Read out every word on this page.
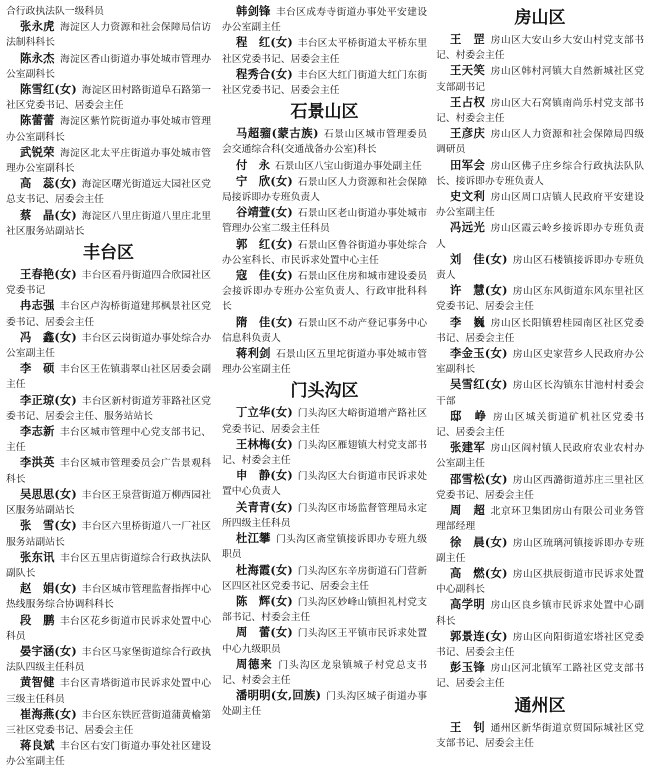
合行政执法队一级科员

张永虎  海淀区人力资源和社会保障局信访法制科科长

陈永杰  海淀区香山街道办事处城市管理办公室副科长

陈雪红(女)  海淀区田村路街道阜石路第一社区党委书记、居委会主任

陈蕾蕾  海淀区紫竹院街道办事处城市管理办公室副科长

武锐荣  海淀区北太平庄街道办事处城市管理办公室副科长

高　蕊(女)  海淀区曙光街道远大园社区党总支书记、居委会主任

蔡　晶(女)  海淀区八里庄街道八里庄北里社区服务站副站长

丰台区

王春艳(女)  丰台区看丹街道四合欣园社区党委书记

冉志强  丰台区卢沟桥街道建邦枫景社区党委书记、居委会主任

冯　鑫(女)  丰台区云岗街道办事处综合办公室副主任

李　硕  丰台区王佐镇翡翠山社区居委会副主任

李正琼(女)  丰台区新村街道芳菲路社区党委书记、居委会主任、服务站站长

李志新  丰台区城市管理中心党支部书记、主任

李洪英  丰台区城市管理委员会广告景观科科长

吴思思(女)  丰台区王泉营街道万柳西园社区服务站副站长

张　雪(女)  丰台区六里桥街道八一厂社区服务站副站长

张东讯  丰台区五里店街道综合行政执法队副队长

赵　娟(女)  丰台区城市管理监督指挥中心热线服务综合协调科科长

段　鹏  丰台区花乡街道市民诉求处置中心科员

晏宇涵(女)  丰台区马家堡街道综合行政执法队四级主任科员

黄智健  丰台区青塔街道市民诉求处置中心三级主任科员

崔海燕(女)  丰台区东铁匠营街道蒲黄榆第三社区党委书记、居委会主任

蒋良斌  丰台区右安门街道办事处社区建设办公室副主任

韩剑锋  丰台区成寿寺街道办事处平安建设办公室副主任

程　红(女)  丰台区太平桥街道太平桥东里社区党委书记、居委会主任

程秀合(女)  丰台区大红门街道大红门东街社区党委书记、居委会主任

石景山区

马超骝(蒙古族)  石景山区城市管理委员会交通综合科(交通战备办公室)科长

付　永  石景山区八宝山街道办事处副主任

宁　欣(女)  石景山区人力资源和社会保障局接诉即办专班负责人

谷靖萱(女)  石景山区老山街道办事处城市管理办公室二级主任科员

郭　红(女)  石景山区鲁谷街道办事处综合办公室科长、市民诉求处置中心主任

寇　佳(女)  石景山区住房和城市建设委员会接诉即办专班办公室负责人、行政审批科科长

隋　佳(女)  石景山区不动产登记事务中心信息科负责人

蒋利剑  石景山区五里坨街道办事处城市管理办公室副主任

门头沟区

丁立华(女)  门头沟区大峪街道增产路社区党委书记、居委会主任

王林梅(女)  门头沟区雁翅镇大村党支部书记、村委会主任

申　静(女)  门头沟区大台街道市民诉求处置中心负责人

关青青(女)  门头沟区市场监督管理局永定所四级主任科员

杜江攀  门头沟区斋堂镇接诉即办专班九级职员

杜海霞(女)  门头沟区东辛房街道石门营新区四区社区党委书记、居委会主任

陈　辉(女)  门头沟区妙峰山镇担礼村党支部书记、村委会主任

周　蕾(女)  门头沟区王平镇市民诉求处置中心九级职员

周德来  门头沟区龙泉镇城子村党总支书记、村委会主任

潘明明(女,回族)  门头沟区城子街道办事处副主任

房山区

王　罡  房山区大安山乡大安山村党支部书记、村委会主任

王天笑  房山区韩村河镇大自然新城社区党支部副书记

王占权  房山区大石窝镇南尚乐村党支部书记、村委会主任

王彦庆  房山区人力资源和社会保障局四级调研员

田军会  房山区佛子庄乡综合行政执法队队长、接诉即办专班负责人

史文利  房山区周口店镇人民政府平安建设办公室副主任

冯远光  房山区霞云岭乡接诉即办专班负责人

刘　佳(女)  房山区石楼镇接诉即办专班负责人

许　慧(女)  房山区东风街道东风东里社区党委书记、居委会主任

李　巍  房山区长阳镇碧桂园南区社区党委书记、居委会主任

李金玉(女)  房山区史家营乡人民政府办公室副科长

吴雪红(女)  房山区长沟镇东甘池村村委会干部

邸　峥  房山区城关街道矿机社区党委书记、居委会主任

张建军  房山区阎村镇人民政府农业农村办公室副主任

邵雪松(女)  房山区西潞街道苏庄三里社区党委书记、居委会主任

周　超  北京环卫集团房山有限公司业务管理部经理

徐　晨(女)  房山区琉璃河镇接诉即办专班副主任

高　燃(女)  房山区拱辰街道市民诉求处置中心副科长

高学明  房山区良乡镇市民诉求处置中心副科长

郭景连(女)  房山区向阳街道宏塔社区党委书记、居委会主任

彭玉锋  房山区河北镇军工路社区党支部书记、居委会主任

通州区

王　钊  通州区新华街道京贸国际城社区党支部书记、居委会主任
